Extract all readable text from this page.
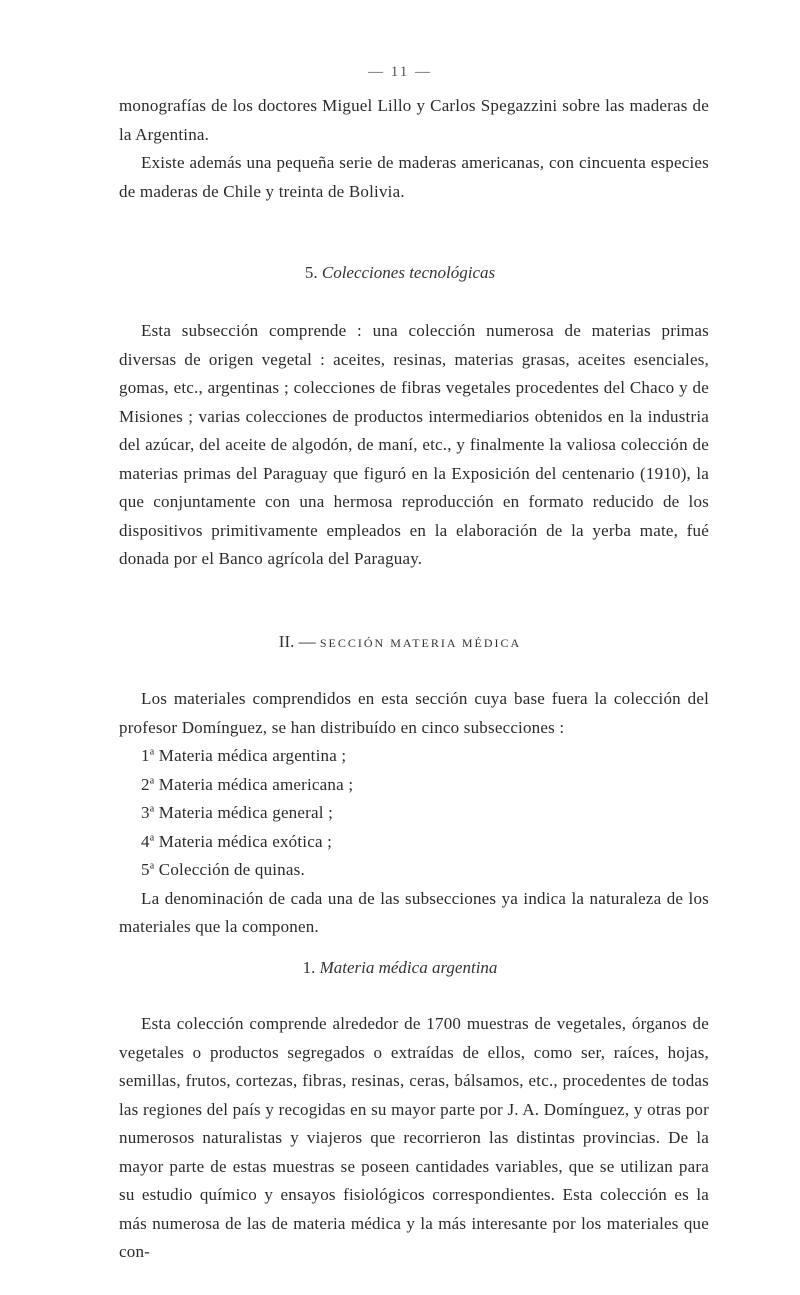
— 11 —

monografías de los doctores Miguel Lillo y Carlos Spegazzini sobre las maderas de la Argentina.

Existe además una pequeña serie de maderas americanas, con cincuenta especies de maderas de Chile y treinta de Bolivia.

5. Colecciones tecnológicas

Esta subsección comprende : una colección numerosa de materias primas diversas de origen vegetal : aceites, resinas, materias grasas, aceites esenciales, gomas, etc., argentinas ; colecciones de fibras vegetales procedentes del Chaco y de Misiones ; varias colecciones de productos intermediarios obtenidos en la industria del azúcar, del aceite de algodón, de maní, etc., y finalmente la valiosa colección de materias primas del Paraguay que figuró en la Exposición del centenario (1910), la que conjuntamente con una hermosa reproducción en formato reducido de los dispositivos primitivamente empleados en la elaboración de la yerba mate, fué donada por el Banco agrícola del Paraguay.

II. — SECCIÓN MATERIA MÉDICA

Los materiales comprendidos en esta sección cuya base fuera la colección del profesor Domínguez, se han distribuído en cinco subsecciones :

1$^a$ Materia médica argentina ;

2$^a$ Materia médica americana ;

3$^a$ Materia médica general ;

4$^a$ Materia médica exótica ;

5$^a$ Colección de quinas.

La denominación de cada una de las subsecciones ya indica la naturaleza de los materiales que la componen.

1. Materia médica argentina

Esta colección comprende alrededor de 1700 muestras de vegetales, órganos de vegetales o productos segregados o extraídas de ellos, como ser, raíces, hojas, semillas, frutos, cortezas, fibras, resinas, ceras, bálsamos, etc., procedentes de todas las regiones del país y recogidas en su mayor parte por J. A. Domínguez, y otras por numerosos naturalistas y viajeros que recorrieron las distintas provincias. De la mayor parte de estas muestras se poseen cantidades variables, que se utilizan para su estudio químico y ensayos fisiológicos correspondientes. Esta colección es la más numerosa de las de materia médica y la más interesante por los materiales que con-
